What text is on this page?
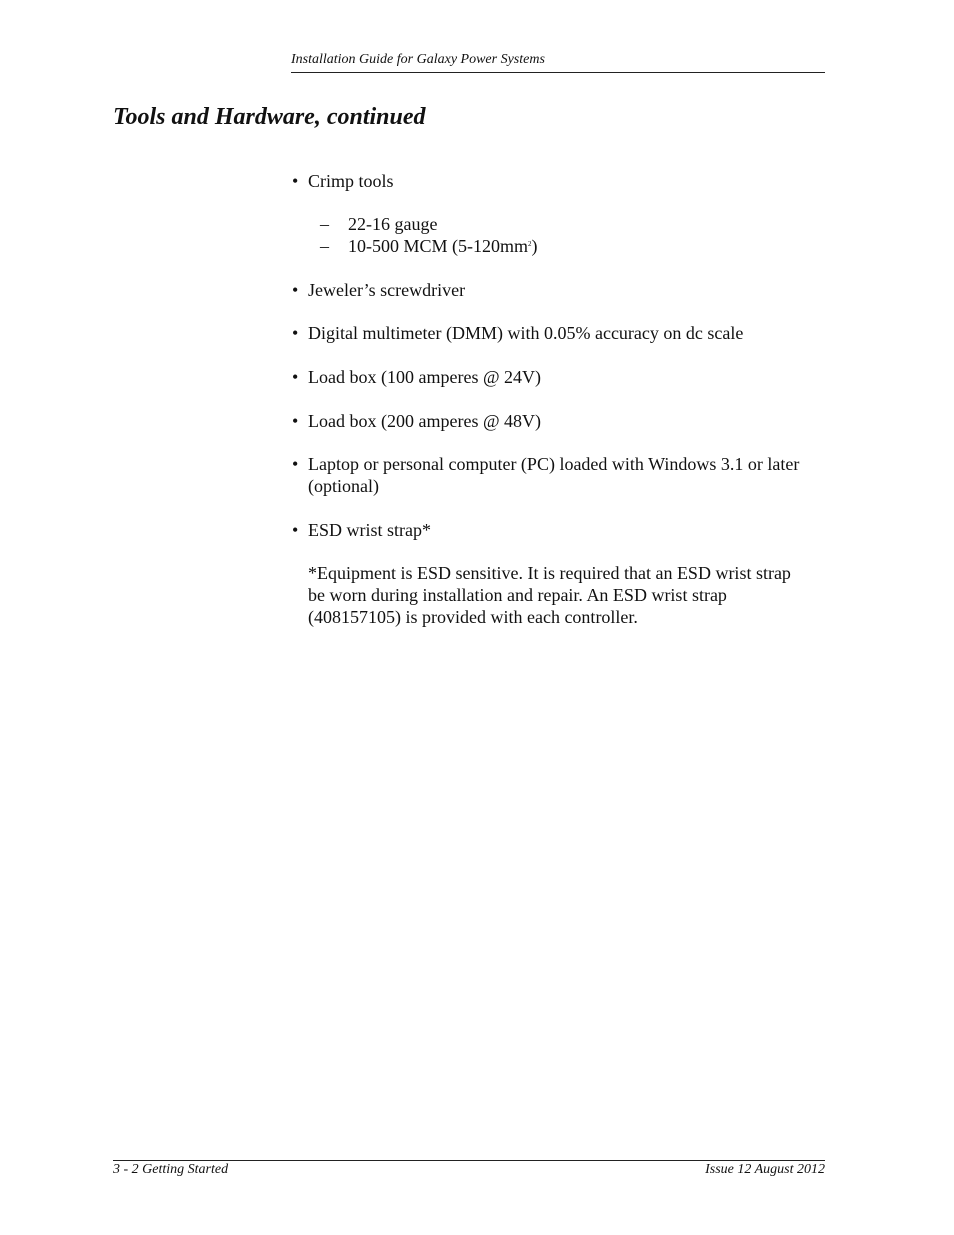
Installation Guide for Galaxy Power Systems
Tools and Hardware, continued
• Crimp tools
– 22-16 gauge
– 10-500 MCM $(5-120mm^2)$
• Jeweler’s screwdriver
• Digital multimeter (DMM) with 0.05% accuracy on dc scale
• Load box (100 amperes @ 24V)
• Load box (200 amperes @ 48V)
• Laptop or personal computer (PC) loaded with Windows 3.1 or later
(optional)
• ESD wrist strap*
*Equipment is ESD sensitive. It is required that an ESD wrist strap
be worn during installation and repair. An ESD wrist strap
(408157105) is provided with each controller.
3 - 2 Getting Started	Issue 12 August 2012
